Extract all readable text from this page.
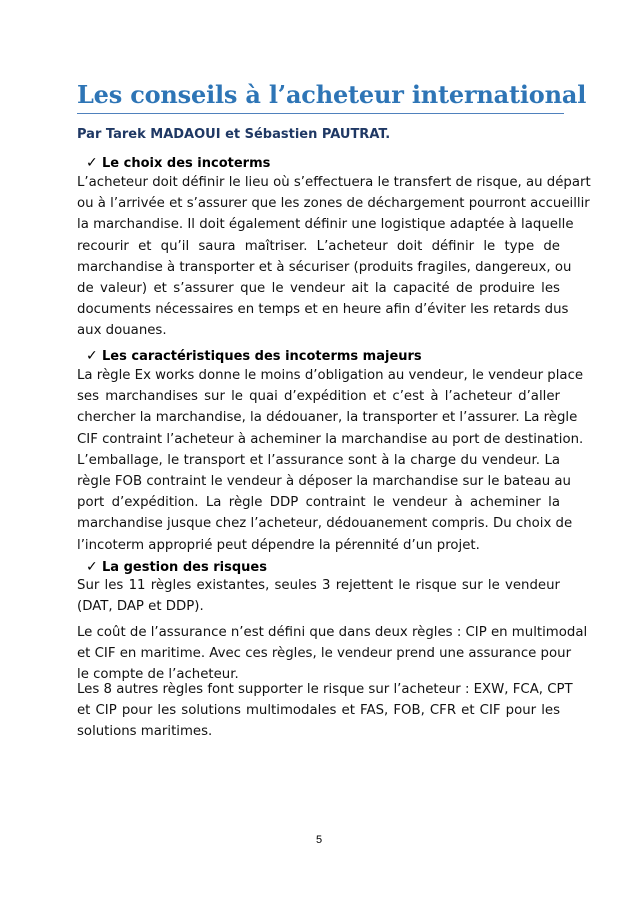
Les conseils à l’acheteur international
Par Tarek MADAOUI et Sébastien PAUTRAT.
✓ Le choix des incoterms
L’acheteur doit définir le lieu où s’effectuera le transfert de risque, au départ
ou à l’arrivée et s’assurer que les zones de déchargement pourront accueillir
la marchandise. Il doit également définir une logistique adaptée à laquelle
recourir et qu’il saura maîtriser. L’acheteur doit définir le type de
marchandise à transporter et à sécuriser (produits fragiles, dangereux, ou
de valeur) et s’assurer que le vendeur ait la capacité de produire les
documents nécessaires en temps et en heure afin d’éviter les retards dus
aux douanes.
✓ Les caractéristiques des incoterms majeurs
La règle Ex works donne le moins d’obligation au vendeur, le vendeur place
ses marchandises sur le quai d’expédition et c’est à l’acheteur d’aller
chercher la marchandise, la dédouaner, la transporter et l’assurer. La règle
CIF contraint l’acheteur à acheminer la marchandise au port de destination.
L’emballage, le transport et l’assurance sont à la charge du vendeur. La
règle FOB contraint le vendeur à déposer la marchandise sur le bateau au
port d’expédition. La règle DDP contraint le vendeur à acheminer la
marchandise jusque chez l’acheteur, dédouanement compris. Du choix de
l’incoterm approprié peut dépendre la pérennité d’un projet.
✓ La gestion des risques
Sur les 11 règles existantes, seules 3 rejettent le risque sur le vendeur
(DAT, DAP et DDP).
Le coût de l’assurance n’est défini que dans deux règles : CIP en multimodal
et CIF en maritime. Avec ces règles, le vendeur prend une assurance pour
le compte de l’acheteur.
Les 8 autres règles font supporter le risque sur l’acheteur : EXW, FCA, CPT
et CIP pour les solutions multimodales et FAS, FOB, CFR et CIF pour les
solutions maritimes.
5
